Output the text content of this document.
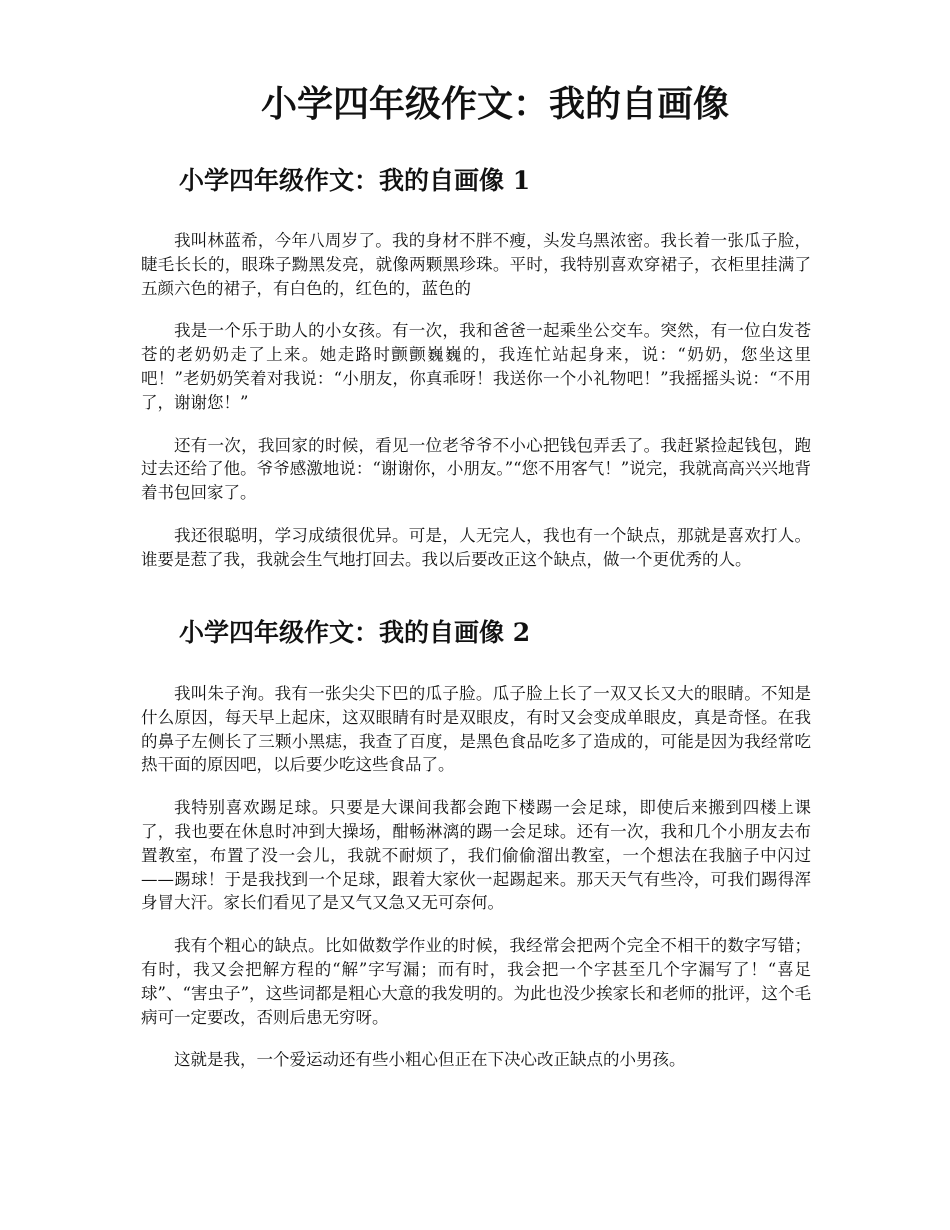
小学四年级作文：我的自画像
小学四年级作文：我的自画像 1

我叫林蓝希，今年八周岁了。我的身材不胖不瘦，头发乌黑浓密。我长着一张瓜子脸，睫毛长长的，眼珠子黝黑发亮，就像两颗黑珍珠。平时，我特别喜欢穿裙子，衣柜里挂满了五颜六色的裙子，有白色的，红色的，蓝色的

我是一个乐于助人的小女孩。有一次，我和爸爸一起乘坐公交车。突然，有一位白发苍苍的老奶奶走了上来。她走路时颤颤巍巍的，我连忙站起身来，说：“奶奶，您坐这里吧！”老奶奶笑着对我说：“小朋友，你真乖呀！我送你一个小礼物吧！”我摇摇头说：“不用了，谢谢您！”

还有一次，我回家的时候，看见一位老爷爷不小心把钱包弄丢了。我赶紧捡起钱包，跑过去还给了他。爷爷感激地说：“谢谢你，小朋友。”“您不用客气！”说完，我就高高兴兴地背着书包回家了。

我还很聪明，学习成绩很优异。可是，人无完人，我也有一个缺点，那就是喜欢打人。谁要是惹了我，我就会生气地打回去。我以后要改正这个缺点，做一个更优秀的人。

小学四年级作文：我的自画像 2

我叫朱子洵。我有一张尖尖下巴的瓜子脸。瓜子脸上长了一双又长又大的眼睛。不知是什么原因，每天早上起床，这双眼睛有时是双眼皮，有时又会变成单眼皮，真是奇怪。在我的鼻子左侧长了三颗小黑痣，我查了百度，是黑色食品吃多了造成的，可能是因为我经常吃热干面的原因吧，以后要少吃这些食品了。

我特别喜欢踢足球。只要是大课间我都会跑下楼踢一会足球，即使后来搬到四楼上课了，我也要在休息时冲到大操场，酣畅淋漓的踢一会足球。还有一次，我和几个小朋友去布置教室，布置了没一会儿，我就不耐烦了，我们偷偷溜出教室，一个想法在我脑子中闪过——踢球！于是我找到一个足球，跟着大家伙一起踢起来。那天天气有些冷，可我们踢得浑身冒大汗。家长们看见了是又气又急又无可奈何。

我有个粗心的缺点。比如做数学作业的时候，我经常会把两个完全不相干的数字写错；有时，我又会把解方程的“解”字写漏；而有时，我会把一个字甚至几个字漏写了！“喜足球”、“害虫子”，这些词都是粗心大意的我发明的。为此也没少挨家长和老师的批评，这个毛病可一定要改，否则后患无穷呀。

这就是我，一个爱运动还有些小粗心但正在下决心改正缺点的小男孩。
